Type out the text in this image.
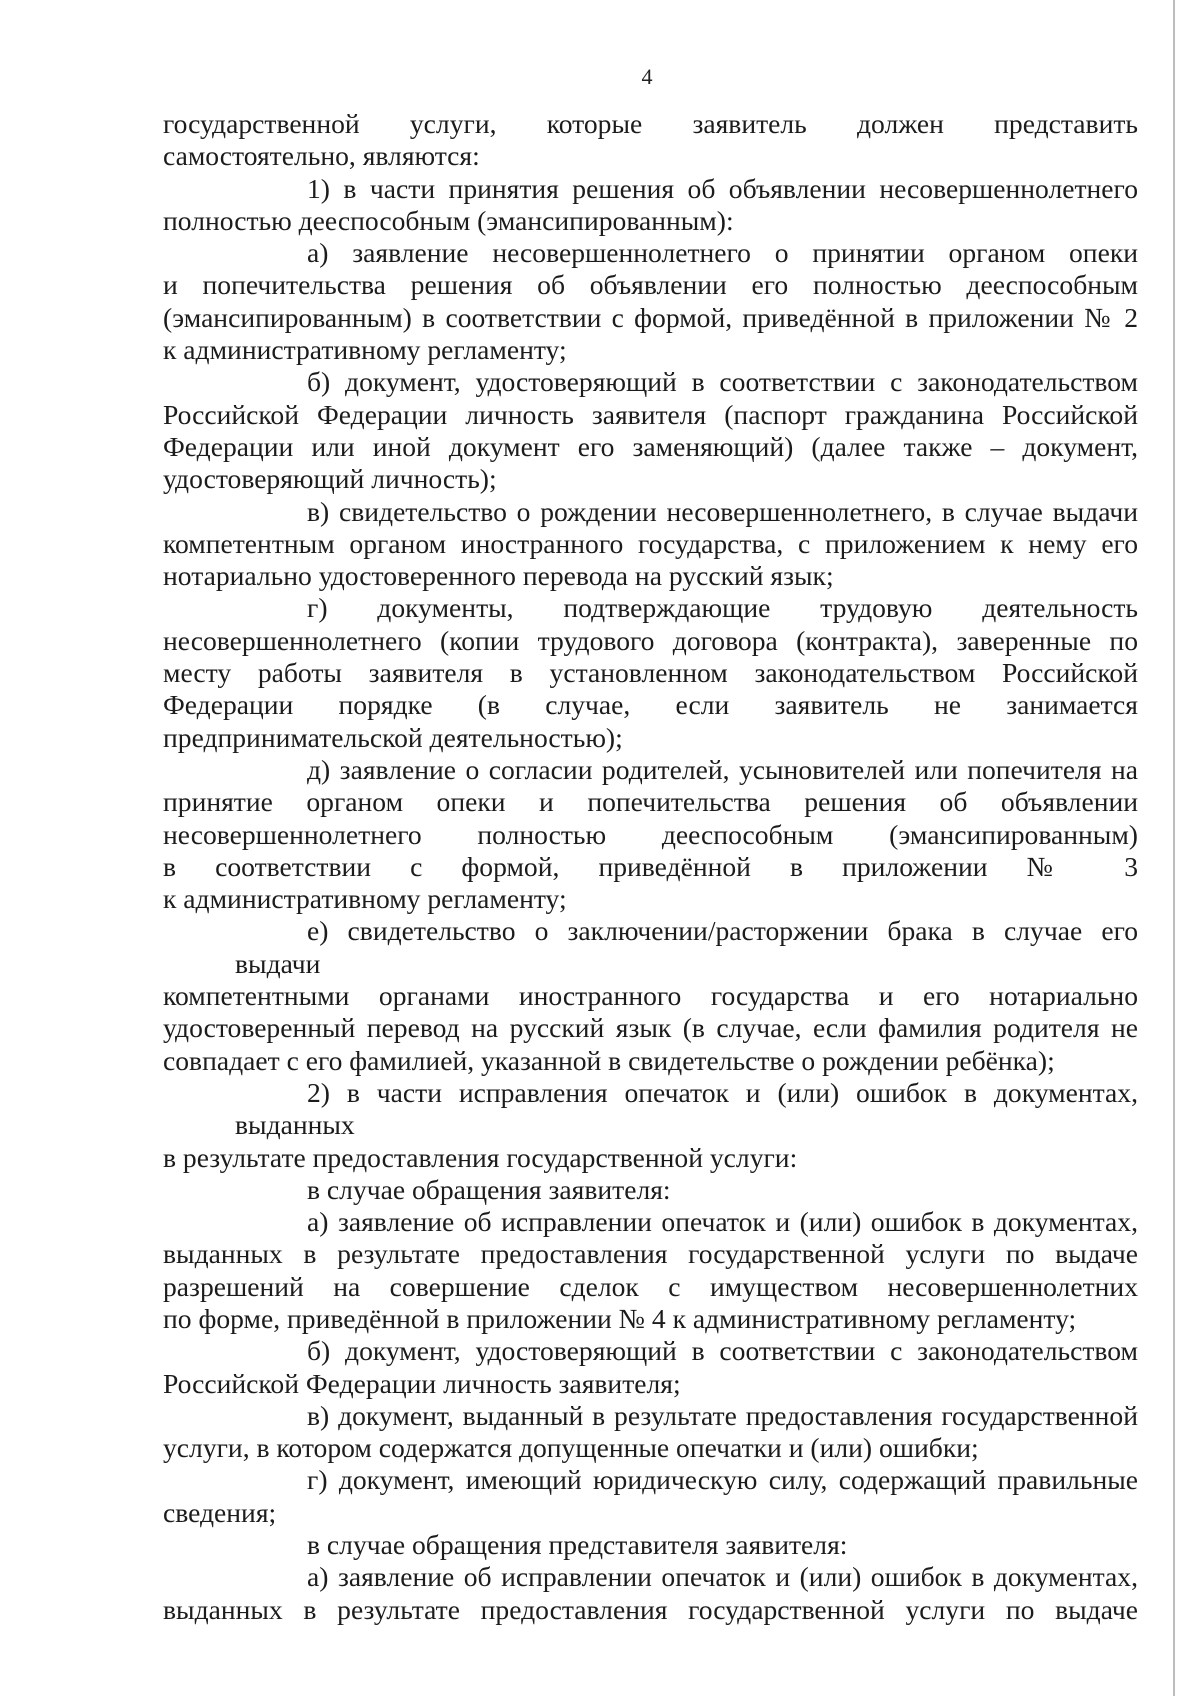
4

государственной услуги, которые заявитель должен представить
самостоятельно, являются:

1) в части принятия решения об объявлении несовершеннолетнего
полностью дееспособным (эмансипированным):

а) заявление несовершеннолетнего о принятии органом опеки
и попечительства решения об объявлении его полностью дееспособным
(эмансипированным) в соответствии с формой, приведённой в приложении № 2
к административному регламенту;

б) документ, удостоверяющий в соответствии с законодательством
Российской Федерации личность заявителя (паспорт гражданина Российской
Федерации или иной документ его заменяющий) (далее также – документ,
удостоверяющий личность);

в) свидетельство о рождении несовершеннолетнего, в случае выдачи
компетентным органом иностранного государства, с приложением к нему его
нотариально удостоверенного перевода на русский язык;

г) документы, подтверждающие трудовую деятельность
несовершеннолетнего (копии трудового договора (контракта), заверенные по
месту работы заявителя в установленном законодательством Российской
Федерации порядке (в случае, если заявитель не занимается
предпринимательской деятельностью);

д) заявление о согласии родителей, усыновителей или попечителя на
принятие органом опеки и попечительства решения об объявлении
несовершеннолетнего полностью дееспособным (эмансипированным)
в соответствии с формой, приведённой в приложении № 3
к административному регламенту;

е) свидетельство о заключении/расторжении брака в случае его выдачи
компетентными органами иностранного государства и его нотариально
удостоверенный перевод на русский язык (в случае, если фамилия родителя не
совпадает с его фамилией, указанной в свидетельстве о рождении ребёнка);

2) в части исправления опечаток и (или) ошибок в документах, выданных
в результате предоставления государственной услуги:

в случае обращения заявителя:

а) заявление об исправлении опечаток и (или) ошибок в документах,
выданных в результате предоставления государственной услуги по выдаче
разрешений на совершение сделок с имуществом несовершеннолетних
по форме, приведённой в приложении № 4 к административному регламенту;

б) документ, удостоверяющий в соответствии с законодательством
Российской Федерации личность заявителя;

в) документ, выданный в результате предоставления государственной
услуги, в котором содержатся допущенные опечатки и (или) ошибки;

г) документ, имеющий юридическую силу, содержащий правильные
сведения;

в случае обращения представителя заявителя:

а) заявление об исправлении опечаток и (или) ошибок в документах,
выданных в результате предоставления государственной услуги по выдаче
